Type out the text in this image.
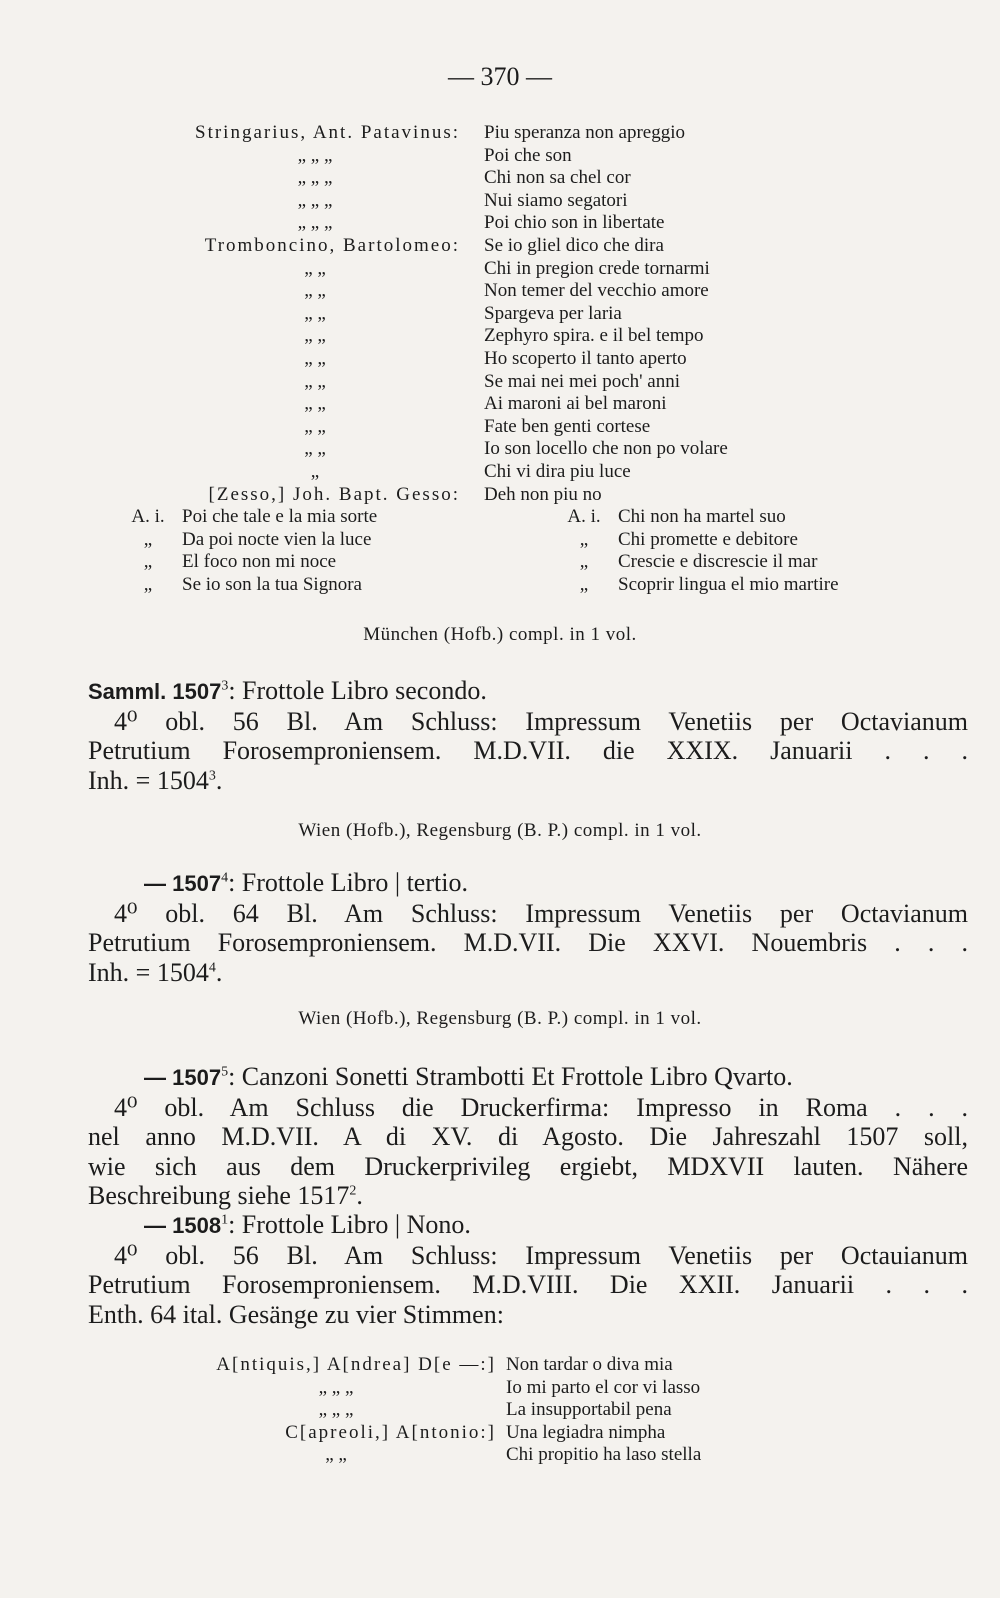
— 370 —
Stringarius, Ant. Patavinus:	Piu speranza non apreggio
„ „ „	Poi che son
„ „ „	Chi non sa chel cor
„ „ „	Nui siamo segatori
„ „ „	Poi chio son in libertate
Tromboncino, Bartolomeo:	Se io gliel dico che dira
„ „	Chi in pregion crede tornarmi
„ „	Non temer del vecchio amore
„ „	Spargeva per laria
„ „	Zephyro spira. e il bel tempo
„ „	Ho scoperto il tanto aperto
„ „	Se mai nei mei poch' anni
„ „	Ai maroni ai bel maroni
„ „	Fate ben genti cortese
„ „	Io son locello che non po volare
„	Chi vi dira piu luce
[Zesso,] Joh. Bapt. Gesso:	Deh non piu no
A. i. Poi che tale e la mia sorte	A. i. Chi non ha martel suo
„	Da poi nocte vien la luce	„	Chi promette e debitore
„	El foco non mi noce	„	Crescie e discrescie il mar
„	Se io son la tua Signora	„	Scoprir lingua el mio martire
München (Hofb.) compl. in 1 vol.
Samml. 1507$^3$: Frottole Libro secondo.
4⁰ obl. 56 Bl. Am Schluss: Impressum Venetiis per Octavianum
Petrutium Forosemproniensem. M.D.VII. die XXIX. Januarii . . .
Inh. = $1504^3$.
Wien (Hofb.), Regensburg (B. P.) compl. in 1 vol.
— 1507$^4$: Frottole Libro | tertio.
4⁰ obl. 64 Bl. Am Schluss: Impressum Venetiis per Octavianum
Petrutium Forosemproniensem. M.D.VII. Die XXVI. Nouembris . . .
Inh. = $1504^4$.
Wien (Hofb.), Regensburg (B. P.) compl. in 1 vol.
— 1507$^5$: Canzoni Sonetti Strambotti Et Frottole Libro Qvarto.
4⁰ obl. Am Schluss die Druckerfirma: Impresso in Roma . . .
nel anno M.D.VII. A di XV. di Agosto. Die Jahreszahl 1507 soll,
wie sich aus dem Druckerprivileg ergiebt, MDXVII lauten. Nähere
Beschreibung siehe 1517$^2$.
— 1508$^1$: Frottole Libro | Nono.
4⁰ obl. 56 Bl. Am Schluss: Impressum Venetiis per Octauianum
Petrutium Forosemproniensem. M.D.VIII. Die XXII. Januarii . . .
Enth. 64 ital. Gesänge zu vier Stimmen:
A[ntiquis,] A[ndrea] D[e —:] Non tardar o diva mia
„ „ „	Io mi parto el cor vi lasso
„ „ „	La insupportabil pena
C[apreoli,] A[ntonio:] Una legiadra nimpha
„ „	Chi propitio ha laso stella
